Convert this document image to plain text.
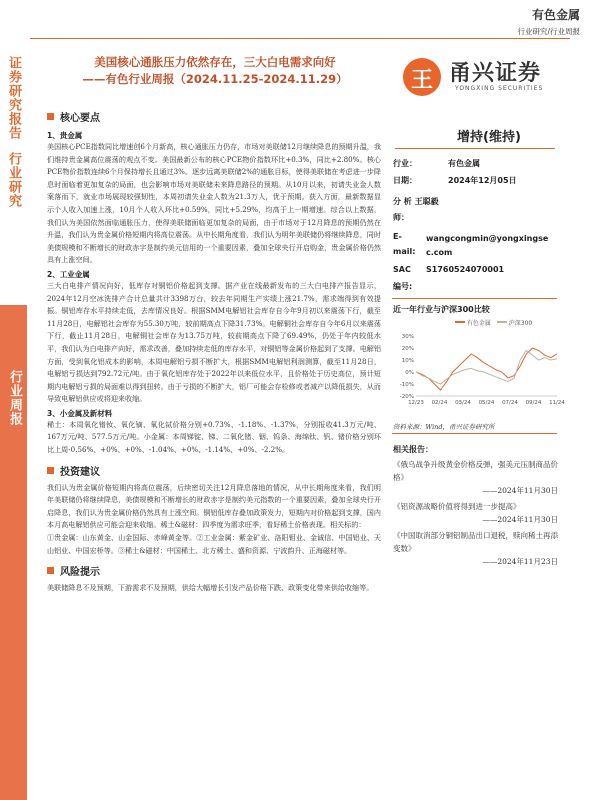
有色金属
行业研究/行业周报
证券研究报告
行业研究
行业周报
美国核心通胀压力依然存在，三大白电需求向好
——有色行业周报（2024.11.25-2024.11.29）	王 甬兴证券
YONGXING SECURITIES
增持(维持)
行业：	有色金属
日期：	2024年12月05日
分 析 王聪毅
师：
E-
mail:
wangcongmin@yongxingsec.com
SAC S1760524070001
编号:
近一年行业与沪深300比较
有色金属	沪深300
30%
20%
10%
0%
-10%
-20%
12/23 02/24 03/24 05/24 07/24 09/24 11/24
资料来源：Wind，甬兴证券研究所
相关报告：
《俄乌战争升级黄金价格反弹，强美元压制商品价格》
——2024年11月30日
《铝资源战略价值将得到进一步提高》
——2024年11月30日
《中国取消部分铜铝制品出口退税，赎向稀土再添变数》
——2024年11月23日
核心要点
1、贵金属
美国核心PCE指数同比增速创6个月新高，核心通胀压力仍存，市场对美联储12月继续降息的预期升温，我们维持贵金属高位震荡的观点不变。美国最新公布的核心PCE物价指数环比+0.3%，同比+2.80%。核心PCE物价指数连续6个月保持增长且通过3%。逐步远离美联储2%的通胀目标，使得美联储在考虑进一步降息时面临着更加复杂的局面，也会影响市场对美联储未来降息路径的预期。从10月以来，初请失业金人数案落而下，就业市场展现较强韧性，本周初请失业金人数为21.3万人，优于预期。获入方面，最新数据显示个人收入加速上涨，10月个人收入环比+0.59%，同比+5.29%，均高于上一期增速。综合以上数据，我们认为美国依然面临通胀压力，使得美联储面临更加复杂的局面，由于市场对于12月降息的预期仍然在升温，我们认为贵金属价格短期内将高位震荡。从中长期角度看，我们认为明年美联储仍将继续降息，同时美债规模和不断增长的财政赤字是制约美元信用的一个重要因素，叠加全球央行开启购金，贵金属价格仍然具有上涨空间。
2、工业金属
三大白电排产情况向好，低库存对铜铝价格起到支撑。据产业在线最新发布的三大白电排产报告显示，2024年12月空冰洗排产合计总量共计3398万台，较去年同期生产实绩上涨21.7%，需求端得到有效提振。铜铝库存水平持续走低，去库情况良好。根据SMM电解铝社会库存自今年9月初以来震荡下行，截至11月28日，电解铝社会库存为55.30万吨，较前期高点下降31.73%。电解铜社会库存自今年6月以来震荡下行，截止11月28日，电解铜社会库存为13.75万吨，较前期高点下降了69.49%，仍处于年内较低水平，我们认为白电排产向好，需求改善，叠加持续走低的库存水平，对铜铝等金属价格起到了支撑。电解铝方面，受到氧化铝成本的影响，本周电解铝亏损不断扩大，根据SMM电解铝利润测算，截至11月28日，电解铝亏损达到792.72元/吨。由于氧化铝库存处于2022年以来低位水平，且价格处于历史高位，预计短期内电解铝亏损的局面难以得到扭转。由于亏损的不断扩大，铝厂可能会存检修或者减产以降低损失，从而导致电解铝供应或将迎来收缩。
3、小金属及新材料
稀土：本周氧化镨钕、氧化镝、氧化铽价格分别+0.73%、-1.18%、-1.37%，分别报收41.3万元/吨、167万元/吨、577.5万元/吨。小金属：本周锑锭、锑、二氧化锗、铟、钨条、海绵钛、钒、锗价格分别环比上周-0.56%、+0%、+0%、-1.04%、+0%、-1.14%、+0%、-2.2%。
投资建议
我们认为贵金属价格短期内将高位震荡，后续密切关注12月降息落地的情况，从中长期角度来看，我们明年美联储仍将继续降息，美债规模和不断增长的财政赤字是制约美元指数的一个重要因素，叠加全球央行开启降息，我们认为贵金属价格仍然具有上涨空间。铜铝低库存叠加政策发力，短期内对价格起到支撑，国内本月高电解铝供应可能会迎来收缩。稀土&磁材：四季度为需求旺季，看好稀土价格表现。相关标的：
①贵金属：山东黄金、山金国际、赤峰黄金等。②工业金属：紫金矿业、洛阳钼业、金诚信、中国铝业、天山铝业、中国宏桥等。③稀土&磁材：中国稀土、北方稀土、盛和资源、宁波韵升、正海磁材等。
风险提示
美联储降息不及预期，下游需求不及预期，供给大幅增长引发产品价格下跌、政策变化带来供给收缩等。
